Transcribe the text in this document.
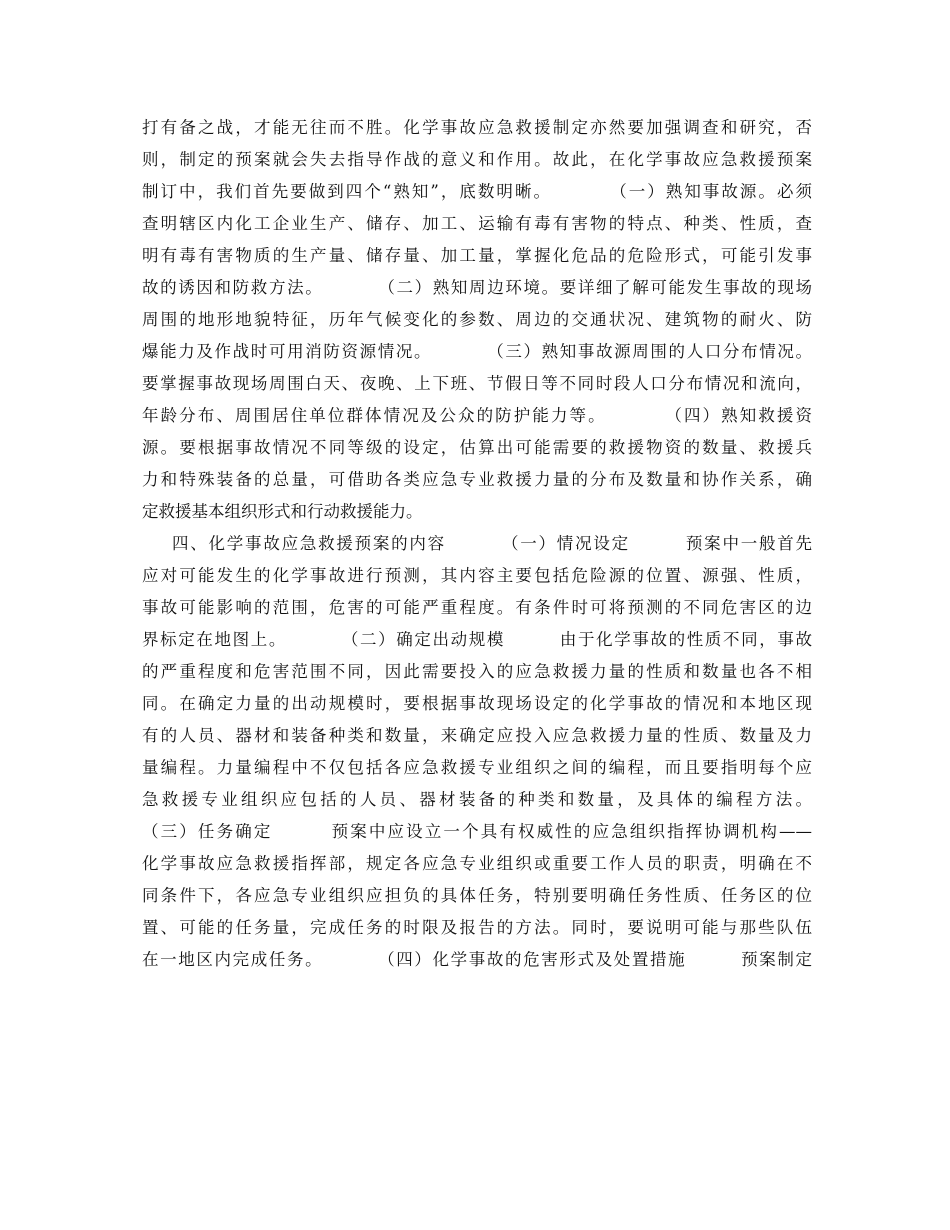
打有备之战，才能无往而不胜。化学事故应急救援制定亦然要加强调查和研究，否
则，制定的预案就会失去指导作战的意义和作用。故此，在化学事故应急救援预案
制订中，我们首先要做到四个“熟知”，底数明晰。        （一）熟知事故源。必须
查明辖区内化工企业生产、储存、加工、运输有毒有害物的特点、种类、性质，查
明有毒有害物质的生产量、储存量、加工量，掌握化危品的危险形式，可能引发事
故的诱因和防救方法。        （二）熟知周边环境。要详细了解可能发生事故的现场
周围的地形地貌特征，历年气候变化的参数、周边的交通状况、建筑物的耐火、防
爆能力及作战时可用消防资源情况。        （三）熟知事故源周围的人口分布情况。
要掌握事故现场周围白天、夜晚、上下班、节假日等不同时段人口分布情况和流向，
年龄分布、周围居住单位群体情况及公众的防护能力等。        （四）熟知救援资
源。要根据事故情况不同等级的设定，估算出可能需要的救援物资的数量、救援兵
力和特殊装备的总量，可借助各类应急专业救援力量的分布及数量和协作关系，确
定救援基本组织形式和行动救援能力。
四、化学事故应急救援预案的内容        （一）情况设定        预案中一般首先
应对可能发生的化学事故进行预测，其内容主要包括危险源的位置、源强、性质，
事故可能影响的范围，危害的可能严重程度。有条件时可将预测的不同危害区的边
界标定在地图上。        （二）确定出动规模        由于化学事故的性质不同，事故
的严重程度和危害范围不同，因此需要投入的应急救援力量的性质和数量也各不相
同。在确定力量的出动规模时，要根据事故现场设定的化学事故的情况和本地区现
有的人员、器材和装备种类和数量，来确定应投入应急救援力量的性质、数量及力
量编程。力量编程中不仅包括各应急救援专业组织之间的编程，而且要指明每个应
急救援专业组织应包括的人员、器材装备的种类和数量，及具体的编程方法。
（三）任务确定        预案中应设立一个具有权威性的应急组织指挥协调机构——
化学事故应急救援指挥部，规定各应急专业组织或重要工作人员的职责，明确在不
同条件下，各应急专业组织应担负的具体任务，特别要明确任务性质、任务区的位
置、可能的任务量，完成任务的时限及报告的方法。同时，要说明可能与那些队伍
在一地区内完成任务。        （四）化学事故的危害形式及处置措施        预案制定
